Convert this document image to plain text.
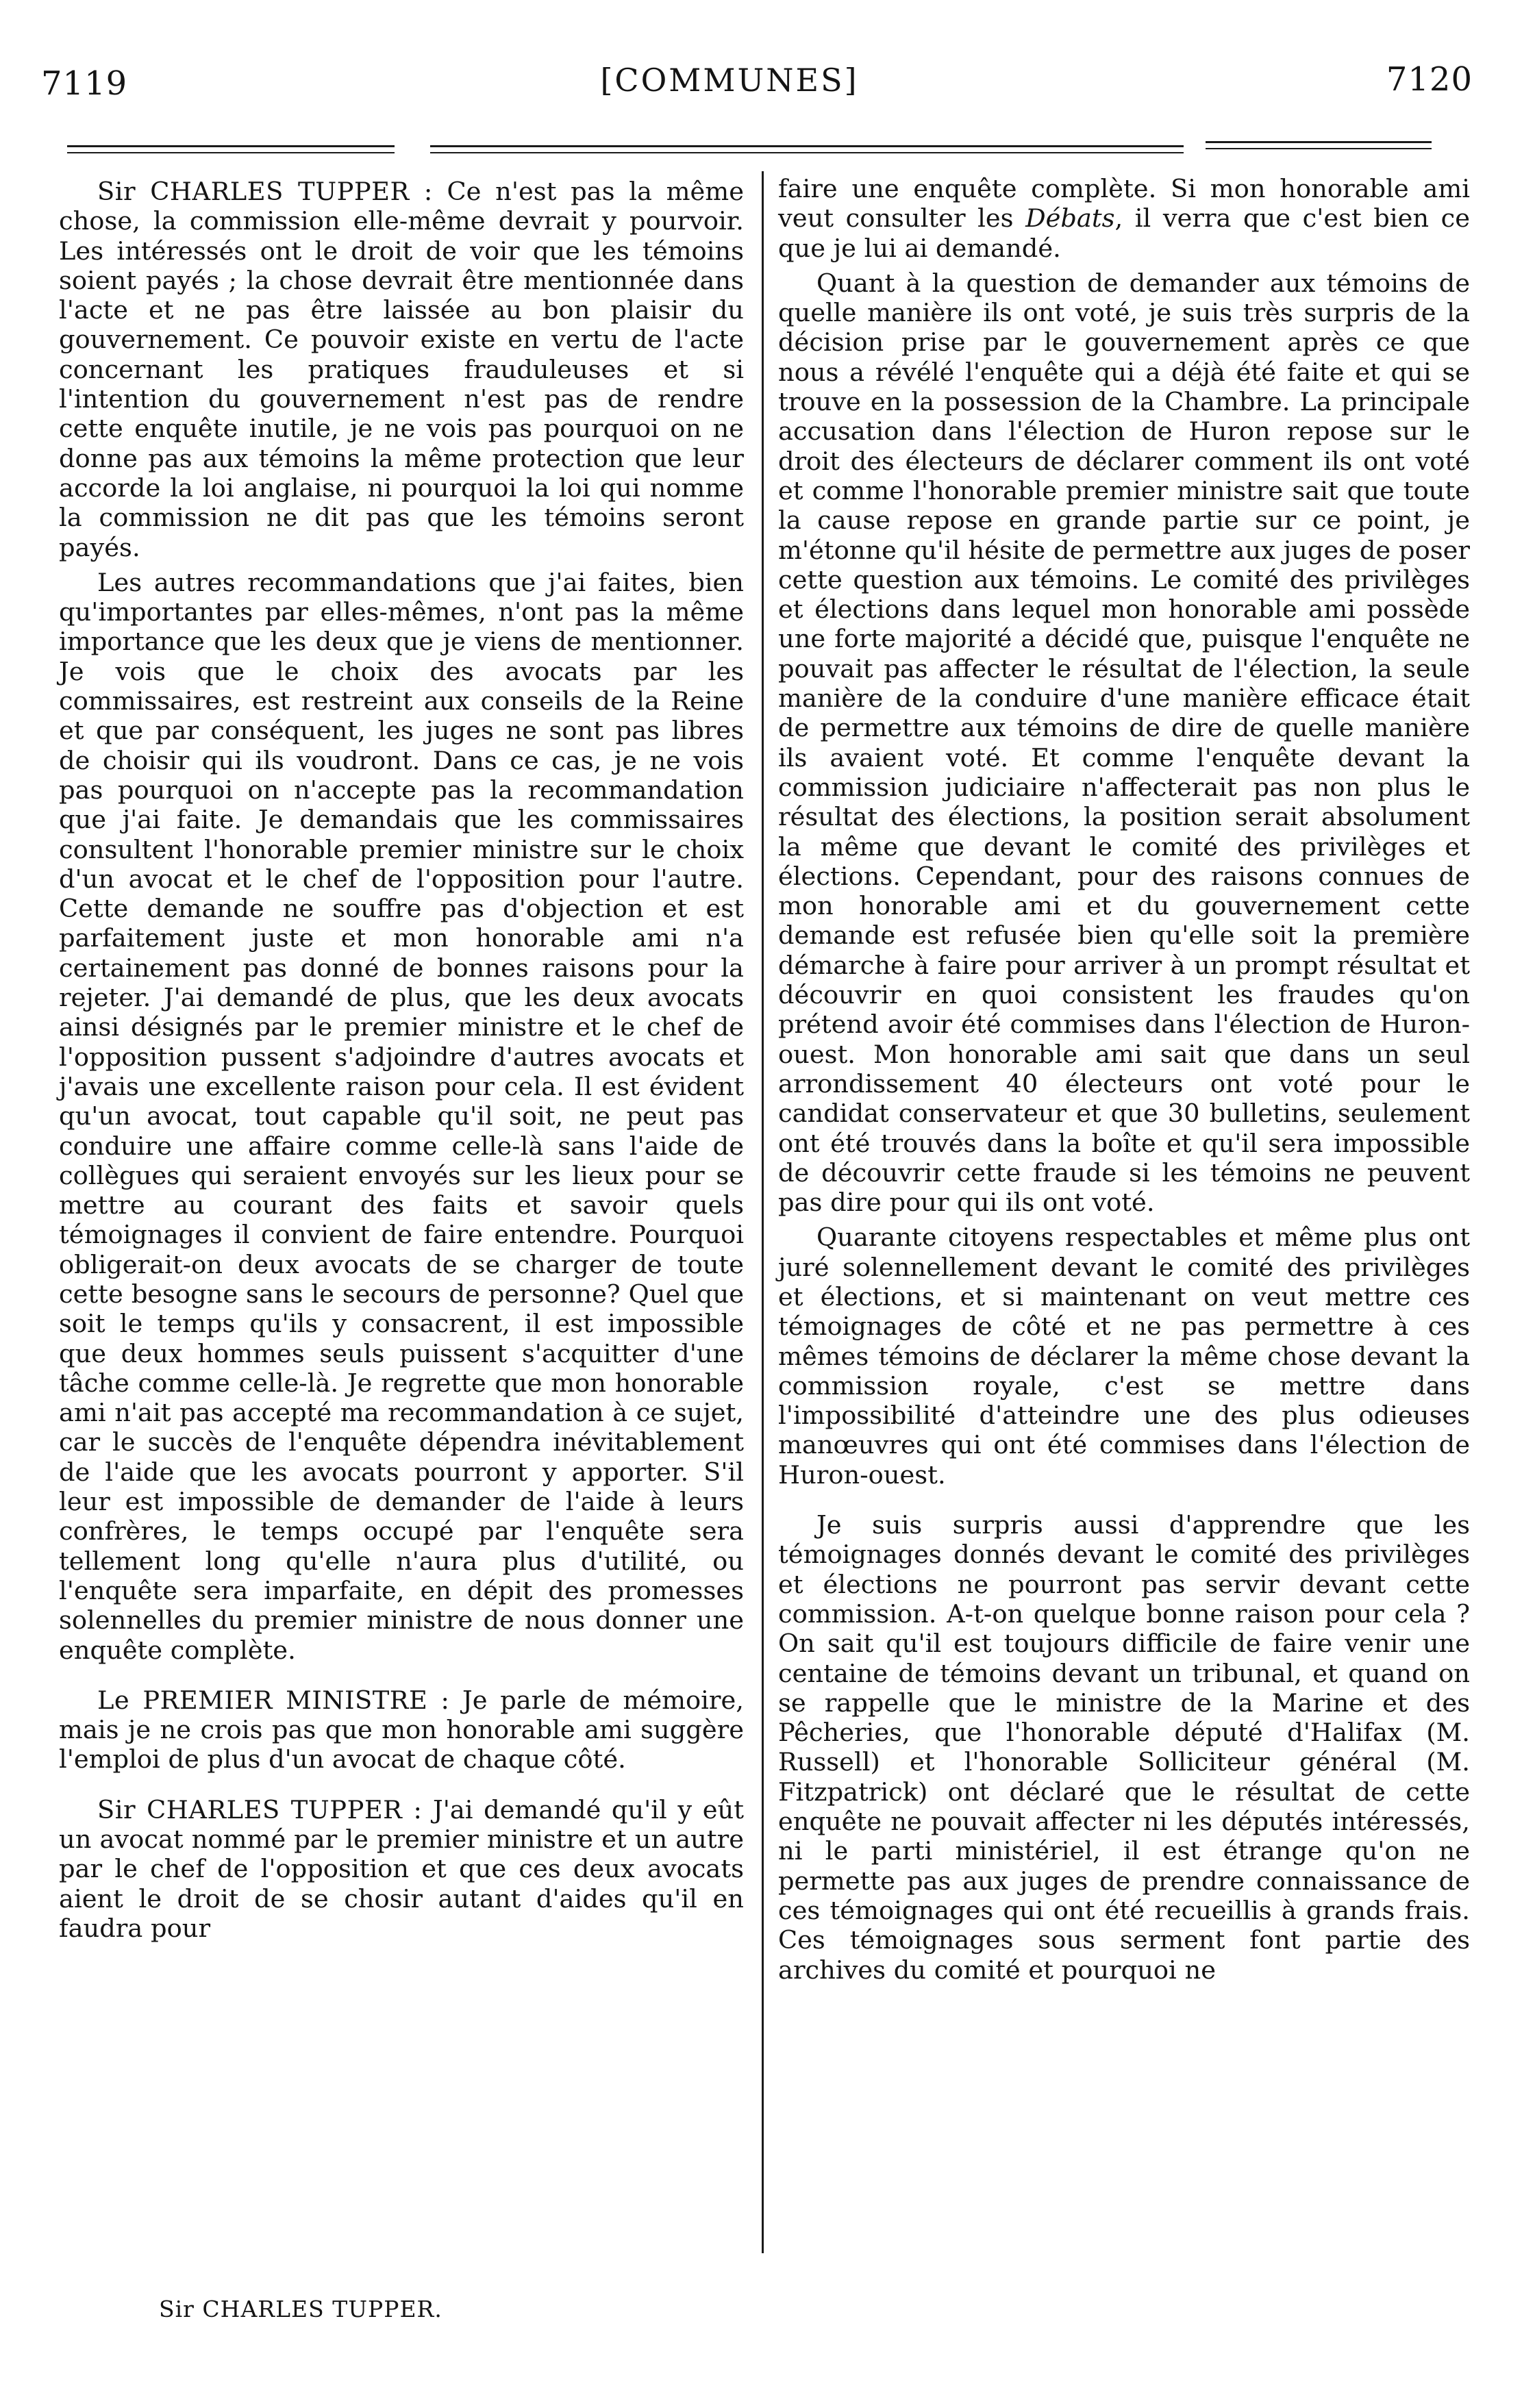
7119	[COMMUNES]	7120

Sir CHARLES TUPPER : Ce n'est pas la même chose, la commission elle-même devrait y pourvoir. Les intéressés ont le droit de voir que les témoins soient payés ; la chose devrait être mentionnée dans l'acte et ne pas être laissée au bon plaisir du gouvernement. Ce pouvoir existe en vertu de l'acte concernant les pratiques frauduleuses et si l'intention du gouvernement n'est pas de rendre cette enquête inutile, je ne vois pas pourquoi on ne donne pas aux témoins la même protection que leur accorde la loi anglaise, ni pourquoi la loi qui nomme la commission ne dit pas que les témoins seront payés.

Les autres recommandations que j'ai faites, bien qu'importantes par elles-mêmes, n'ont pas la même importance que les deux que je viens de mentionner. Je vois que le choix des avocats par les commissaires, est restreint aux conseils de la Reine et que par conséquent, les juges ne sont pas libres de choisir qui ils voudront. Dans ce cas, je ne vois pas pourquoi on n'accepte pas la recommandation que j'ai faite. Je demandais que les commissaires consultent l'honorable premier ministre sur le choix d'un avocat et le chef de l'opposition pour l'autre. Cette demande ne souffre pas d'objection et est parfaitement juste et mon honorable ami n'a certainement pas donné de bonnes raisons pour la rejeter. J'ai demandé de plus, que les deux avocats ainsi désignés par le premier ministre et le chef de l'opposition pussent s'adjoindre d'autres avocats et j'avais une excellente raison pour cela. Il est évident qu'un avocat, tout capable qu'il soit, ne peut pas conduire une affaire comme celle-là sans l'aide de collègues qui seraient envoyés sur les lieux pour se mettre au courant des faits et savoir quels témoignages il convient de faire entendre. Pourquoi obligerait-on deux avocats de se charger de toute cette besogne sans le secours de personne? Quel que soit le temps qu'ils y consacrent, il est impossible que deux hommes seuls puissent s'acquitter d'une tâche comme celle-là. Je regrette que mon honorable ami n'ait pas accepté ma recommandation à ce sujet, car le succès de l'enquête dépendra inévitablement de l'aide que les avocats pourront y apporter. S'il leur est impossible de demander de l'aide à leurs confrères, le temps occupé par l'enquête sera tellement long qu'elle n'aura plus d'utilité, ou l'enquête sera imparfaite, en dépit des promesses solennelles du premier ministre de nous donner une enquête complète.

Le PREMIER MINISTRE : Je parle de mémoire, mais je ne crois pas que mon honorable ami suggère l'emploi de plus d'un avocat de chaque côté.

Sir CHARLES TUPPER : J'ai demandé qu'il y eût un avocat nommé par le premier ministre et un autre par le chef de l'opposition et que ces deux avocats aient le droit de se chosir autant d'aides qu'il en faudra pour

faire une enquête complète. Si mon honorable ami veut consulter les Débats, il verra que c'est bien ce que je lui ai demandé.

Quant à la question de demander aux témoins de quelle manière ils ont voté, je suis très surpris de la décision prise par le gouvernement après ce que nous a révélé l'enquête qui a déjà été faite et qui se trouve en la possession de la Chambre. La principale accusation dans l'élection de Huron repose sur le droit des électeurs de déclarer comment ils ont voté et comme l'honorable premier ministre sait que toute la cause repose en grande partie sur ce point, je m'étonne qu'il hésite de permettre aux juges de poser cette question aux témoins. Le comité des privilèges et élections dans lequel mon honorable ami possède une forte majorité a décidé que, puisque l'enquête ne pouvait pas affecter le résultat de l'élection, la seule manière de la conduire d'une manière efficace était de permettre aux témoins de dire de quelle manière ils avaient voté. Et comme l'enquête devant la commission judiciaire n'affecterait pas non plus le résultat des élections, la position serait absolument la même que devant le comité des privilèges et élections. Cependant, pour des raisons connues de mon honorable ami et du gouvernement cette demande est refusée bien qu'elle soit la première démarche à faire pour arriver à un prompt résultat et découvrir en quoi consistent les fraudes qu'on prétend avoir été commises dans l'élection de Huron-ouest. Mon honorable ami sait que dans un seul arrondissement 40 électeurs ont voté pour le candidat conservateur et que 30 bulletins, seulement ont été trouvés dans la boîte et qu'il sera impossible de découvrir cette fraude si les témoins ne peuvent pas dire pour qui ils ont voté.

Quarante citoyens respectables et même plus ont juré solennellement devant le comité des privilèges et élections, et si maintenant on veut mettre ces témoignages de côté et ne pas permettre à ces mêmes témoins de déclarer la même chose devant la commission royale, c'est se mettre dans l'impossibilité d'atteindre une des plus odieuses manœuvres qui ont été commises dans l'élection de Huron-ouest.

Je suis surpris aussi d'apprendre que les témoignages donnés devant le comité des privilèges et élections ne pourront pas servir devant cette commission. A-t-on quelque bonne raison pour cela ? On sait qu'il est toujours difficile de faire venir une centaine de témoins devant un tribunal, et quand on se rappelle que le ministre de la Marine et des Pêcheries, que l'honorable député d'Halifax (M. Russell) et l'honorable Solliciteur général (M. Fitzpatrick) ont déclaré que le résultat de cette enquête ne pouvait affecter ni les députés intéressés, ni le parti ministériel, il est étrange qu'on ne permette pas aux juges de prendre connaissance de ces témoignages qui ont été recueillis à grands frais. Ces témoignages sous serment font partie des archives du comité et pourquoi ne

Sir CHARLES TUPPER.
